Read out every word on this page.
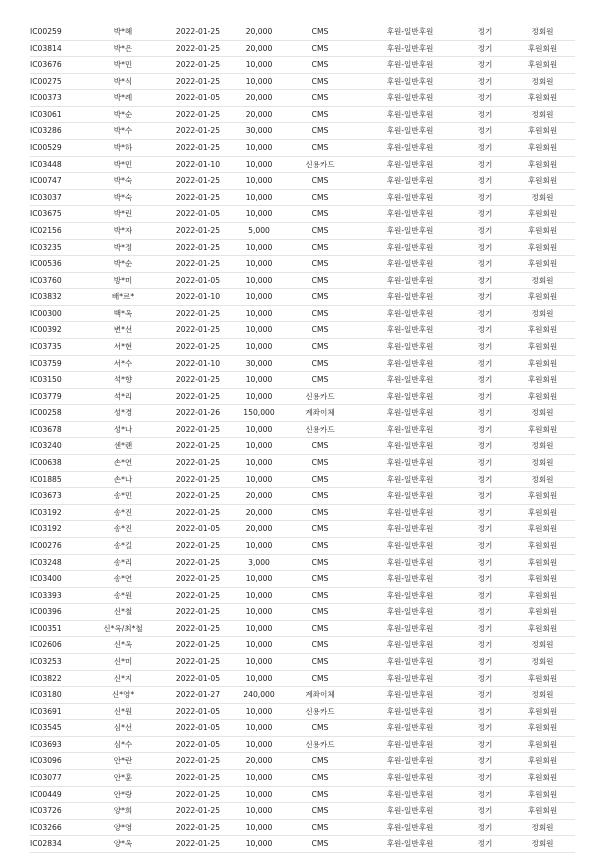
IC00259	박*혜	2022-01-25	20,000	CMS	후원-일반후원	정기	정회원
IC03814	박*은	2022-01-25	20,000	CMS	후원-일반후원	정기	후원회원
IC03676	박*민	2022-01-25	10,000	CMS	후원-일반후원	정기	후원회원
IC00275	박*식	2022-01-25	10,000	CMS	후원-일반후원	정기	정회원
IC00373	박*례	2022-01-05	20,000	CMS	후원-일반후원	정기	후원회원
IC03061	박*순	2022-01-25	20,000	CMS	후원-일반후원	정기	정회원
IC03286	박*수	2022-01-25	30,000	CMS	후원-일반후원	정기	후원회원
IC00529	박*하	2022-01-25	10,000	CMS	후원-일반후원	정기	후원회원
IC03448	박*민	2022-01-10	10,000	신용카드	후원-일반후원	정기	후원회원
IC00747	박*숙	2022-01-25	10,000	CMS	후원-일반후원	정기	후원회원
IC03037	박*숙	2022-01-25	10,000	CMS	후원-일반후원	정기	정회원
IC03675	박*린	2022-01-05	10,000	CMS	후원-일반후원	정기	후원회원
IC02156	박*자	2022-01-25	5,000	CMS	후원-일반후원	정기	후원회원
IC03235	박*정	2022-01-25	10,000	CMS	후원-일반후원	정기	후원회원
IC00536	박*순	2022-01-25	10,000	CMS	후원-일반후원	정기	후원회원
IC03760	방*미	2022-01-05	10,000	CMS	후원-일반후원	정기	정회원
IC03832	배*르*	2022-01-10	10,000	CMS	후원-일반후원	정기	후원회원
IC00300	백*옥	2022-01-25	10,000	CMS	후원-일반후원	정기	정회원
IC00392	변*선	2022-01-25	10,000	CMS	후원-일반후원	정기	후원회원
IC03735	서*현	2022-01-25	10,000	CMS	후원-일반후원	정기	후원회원
IC03759	서*수	2022-01-10	30,000	CMS	후원-일반후원	정기	후원회원
IC03150	석*향	2022-01-25	10,000	CMS	후원-일반후원	정기	후원회원
IC03779	석*리	2022-01-25	10,000	신용카드	후원-일반후원	정기	후원회원
IC00258	성*경	2022-01-26	150,000	계좌이체	후원-일반후원	정기	정회원
IC03678	성*나	2022-01-25	10,000	신용카드	후원-일반후원	정기	후원회원
IC03240	센*랜	2022-01-25	10,000	CMS	후원-일반후원	정기	정회원
IC00638	손*연	2022-01-25	10,000	CMS	후원-일반후원	정기	정회원
IC01885	손*나	2022-01-25	10,000	CMS	후원-일반후원	정기	정회원
IC03673	송*민	2022-01-25	20,000	CMS	후원-일반후원	정기	후원회원
IC03192	송*진	2022-01-25	20,000	CMS	후원-일반후원	정기	후원회원
IC03192	송*진	2022-01-05	20,000	CMS	후원-일반후원	정기	후원회원
IC00276	송*길	2022-01-25	10,000	CMS	후원-일반후원	정기	후원회원
IC03248	송*리	2022-01-25	3,000	CMS	후원-일반후원	정기	후원회원
IC03400	송*연	2022-01-25	10,000	CMS	후원-일반후원	정기	후원회원
IC03393	송*원	2022-01-25	10,000	CMS	후원-일반후원	정기	후원회원
IC00396	신*철	2022-01-25	10,000	CMS	후원-일반후원	정기	후원회원
IC00351	신*옥/최*철	2022-01-25	10,000	CMS	후원-일반후원	정기	후원회원
IC02606	신*옥	2022-01-25	10,000	CMS	후원-일반후원	정기	정회원
IC03253	신*미	2022-01-25	10,000	CMS	후원-일반후원	정기	정회원
IC03822	신*지	2022-01-05	10,000	CMS	후원-일반후원	정기	후원회원
IC03180	신*영*	2022-01-27	240,000	계좌이체	후원-일반후원	정기	정회원
IC03691	신*원	2022-01-05	10,000	신용카드	후원-일반후원	정기	후원회원
IC03545	심*선	2022-01-05	10,000	CMS	후원-일반후원	정기	후원회원
IC03693	심*수	2022-01-05	10,000	신용카드	후원-일반후원	정기	후원회원
IC03096	안*란	2022-01-25	20,000	CMS	후원-일반후원	정기	후원회원
IC03077	안*훈	2022-01-25	10,000	CMS	후원-일반후원	정기	후원회원
IC00449	안*랑	2022-01-25	10,000	CMS	후원-일반후원	정기	후원회원
IC03726	양*희	2022-01-25	10,000	CMS	후원-일반후원	정기	후원회원
IC03266	양*영	2022-01-25	10,000	CMS	후원-일반후원	정기	정회원
IC02834	양*옥	2022-01-25	10,000	CMS	후원-일반후원	정기	정회원
